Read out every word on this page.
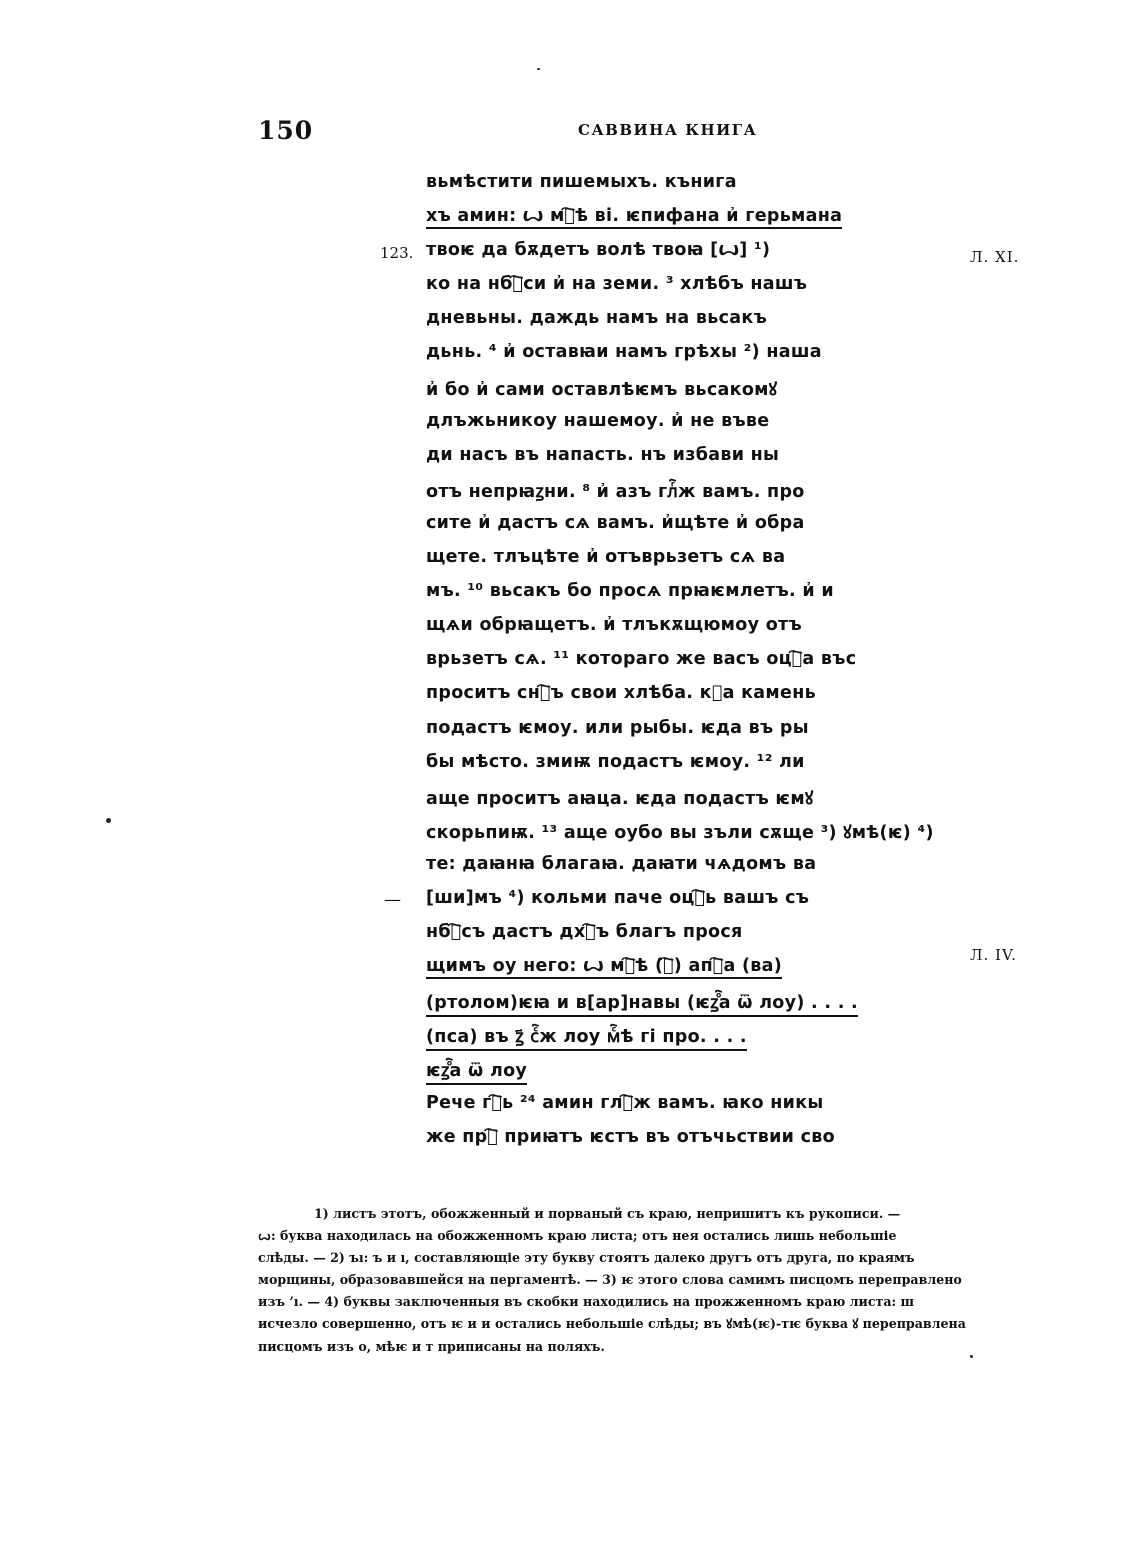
150	САВВИНА КНИГА
Л. XI.
Л. IV.
вьмѣстити пишемыхъ. кънига
хъ амин: ꙍ мⷭ҇ѣ ві. ѥпифана и҆ герьмана
123. твоѥ да бѫдетъ волѣ твоꙗ [ꙍ] ¹)
ко на нбⷭ҇си и҆ на земи. ³ хлѣбъ нашъ
дневьны. даждь намъ на вьсакъ
дьнь. ⁴ и҆ оставꙗи намъ грѣхы ²) наша
и҆ бо и҆ сами оставлѣѥмъ вьсакомꙋ
длъжьникоу нашемоу. и҆ не въве
ди насъ въ напасть. нъ избави ны
отъ непрꙗꙁни. ⁸ и҆ азъ глⷢ҇ж вамъ. про
сите и҆ дастъ сѧ вамъ. и҆щѣте и҆ обра
щете. тлъцѣте и҆ отъврьзетъ сѧ ва
мъ. ¹⁰ вьсакъ бо просѧ прꙗѥмлетъ. и҆ и
щѧи обрꙗщетъ. и҆ тлъкѫщюмоу отъ
врьзетъ сѧ. ¹¹ котораго же васъ оцⷭ҇а въс
проситъ снⷭ҇ъ свои хлѣба. кꙁа камень
подастъ ѥмоу. или рыбы. ѥда въ ры
бы мѣсто. змиѭ подастъ ѥмоу. ¹² ли
аще проситъ аꙗца. ѥда подастъ ѥмꙋ
скорьпиѭ. ¹³ аще оубо вы зъли сѫще ³) ꙋмѣ(ѥ) ⁴)
те: даꙗнꙗ благаꙗ. даꙗти чѧдомъ ва
— [ши]мъ ⁴) кольми паче оцⷭ҇ь вашъ съ
нбⷭ҇съ дастъ дхⷭ҇ъ благъ прося
щимъ оу него: ꙍ мⷭ҇ѣ (ⷧ҇) апⷧ҇а (ва)
(ртолом)ѥꙗ и в[ар]навы (ѥꙁⷪ҇а ѿ лоу) . . . .
(пса) въ ꙁ҃ сⷭ҇ж лоу мⷭ҇ѣ гі про. . . .
ѥꙁⷪ҇а ѿ лоу
Рече гⷭ҇ь ²⁴ амин глⷢ҇ж вамъ. ꙗко никы
же прⷪ҇ приꙗтъ ѥстъ въ отъчьствии сво
1) листъ этотъ, обожженный и порваный съ краю, непришитъ къ рукописи. —
ꙍ: буква находилась на обожженномъ краю листа; отъ нея остались лишь небольшіе
слѣды. — 2) ъı: ъ и ı, составляющіе эту букву стоятъ далеко другъ отъ друга, по краямъ
морщины, образовавшейся на пергаментѣ. — 3) ѥ этого слова самимъ писцомъ переправлено
изъ ’ı. — 4) буквы заключенныя въ скобки находились на прожженномъ краю листа: ш
исчезло совершенно, отъ ѥ и и остались небольшіе слѣды; въ ꙋмѣ(ѥ)-тѥ буква ꙋ переправлена
писцомъ изъ о, мѣѥ и т приписаны на поляхъ.
